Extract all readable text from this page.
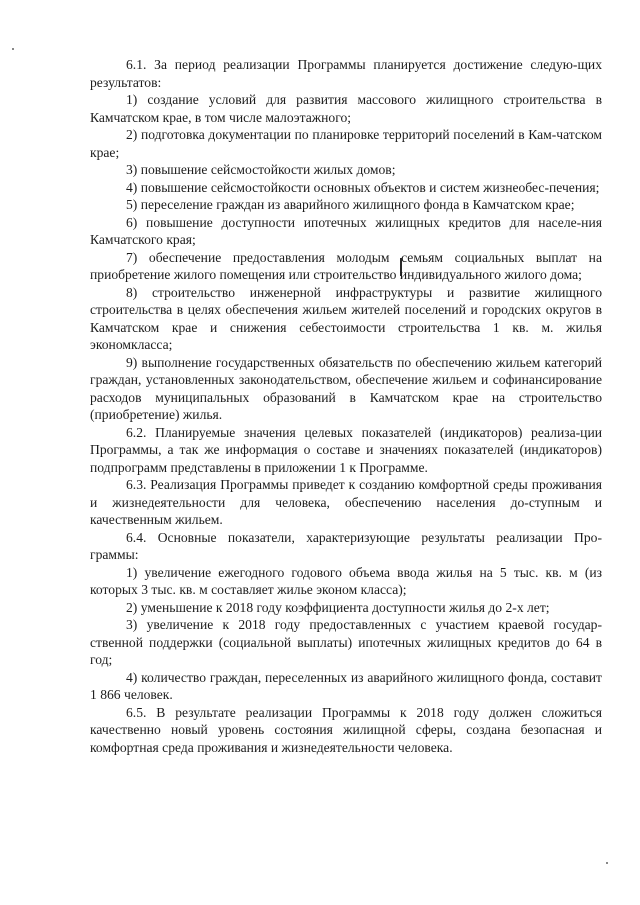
6.1. За период реализации Программы планируется достижение следую-щих результатов:

1) создание условий для развития массового жилищного строительства в Камчатском крае, в том числе малоэтажного;

2) подготовка документации по планировке территорий поселений в Кам-чатском крае;

3) повышение сейсмостойкости жилых домов;

4) повышение сейсмостойкости основных объектов и систем жизнеобес-печения;

5) переселение граждан из аварийного жилищного фонда в Камчатском крае;

6) повышение доступности ипотечных жилищных кредитов для населе-ния Камчатского края;

7) обеспечение предоставления молодым семьям социальных выплат на приобретение жилого помещения или строительство индивидуального жилого дома;

8) строительство инженерной инфраструктуры и развитие жилищного строительства в целях обеспечения жильем жителей поселений и городских округов в Камчатском крае и снижения себестоимости строительства 1 кв. м. жилья экономкласса;

9) выполнение государственных обязательств по обеспечению жильем категорий граждан, установленных законодательством, обеспечение жильем и софинансирование расходов муниципальных образований в Камчатском крае на строительство (приобретение) жилья.

6.2. Планируемые значения целевых показателей (индикаторов) реализа-ции Программы, а так же информация о составе и значениях показателей (индикаторов) подпрограмм представлены в приложении 1 к Программе.

6.3. Реализация Программы приведет к созданию комфортной среды проживания и жизнедеятельности для человека, обеспечению населения до-ступным и качественным жильем.

6.4. Основные показатели, характеризующие результаты реализации Про-граммы:

1) увеличение ежегодного годового объема ввода жилья на 5 тыс. кв. м (из которых 3 тыс. кв. м составляет жилье эконом класса);

2) уменьшение к 2018 году коэффициента доступности жилья до 2-х лет;

3) увеличение к 2018 году предоставленных с участием краевой государ-ственной поддержки (социальной выплаты) ипотечных жилищных кредитов до 64 в год;

4) количество граждан, переселенных из аварийного жилищного фонда, составит 1 866 человек.

6.5. В результате реализации Программы к 2018 году должен сложиться качественно новый уровень состояния жилищной сферы, создана безопасная и комфортная среда проживания и жизнедеятельности человека.
